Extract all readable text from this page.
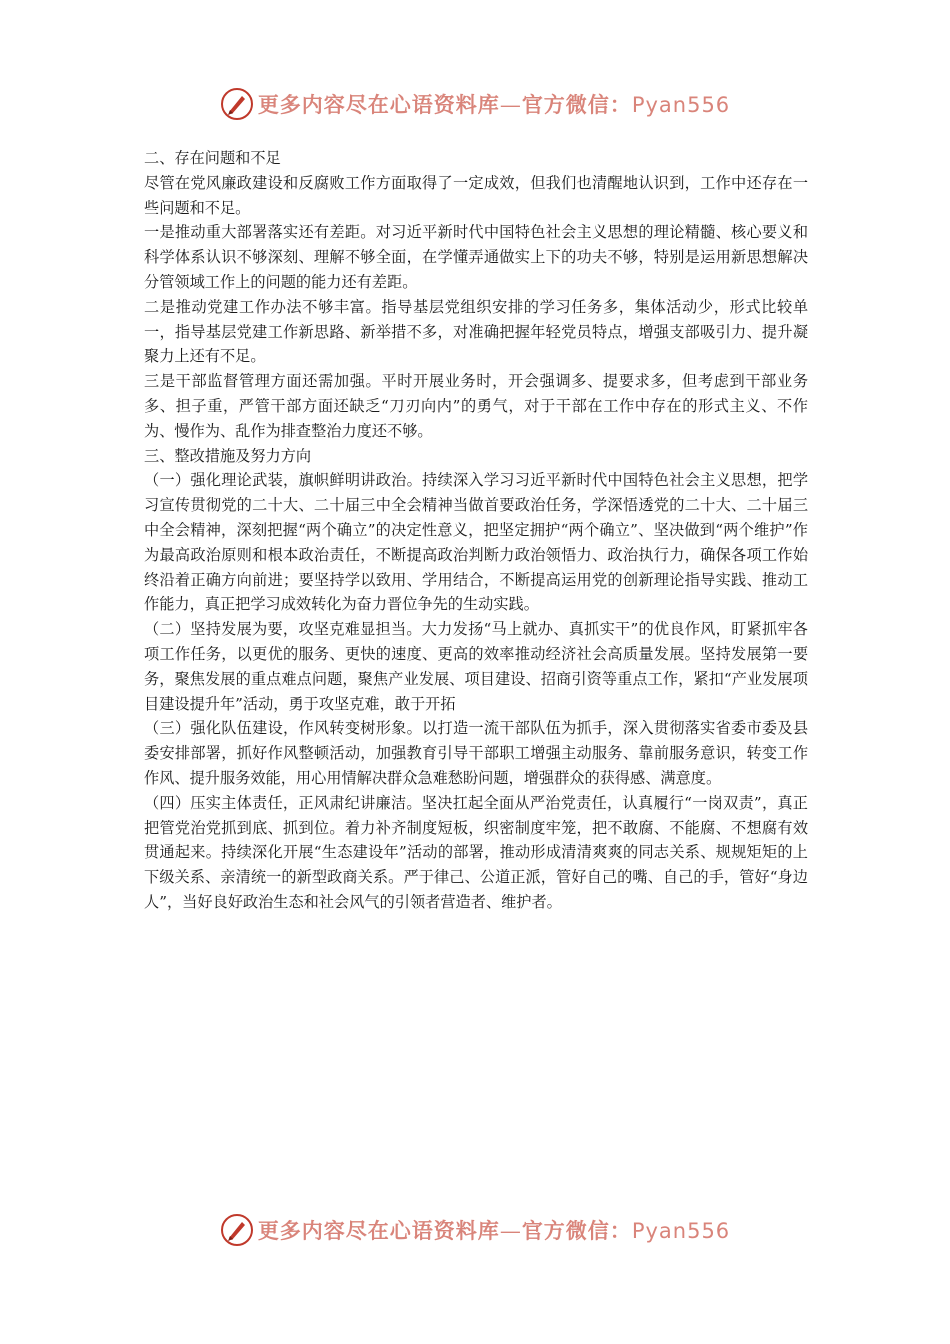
更多内容尽在心语资料库—官方微信：Pyan556

二、存在问题和不足

尽管在党风廉政建设和反腐败工作方面取得了一定成效，但我们也清醒地认识到，工作中还存在一些问题和不足。

一是推动重大部署落实还有差距。对习近平新时代中国特色社会主义思想的理论精髓、核心要义和科学体系认识不够深刻、理解不够全面，在学懂弄通做实上下的功夫不够，特别是运用新思想解决分管领域工作上的问题的能力还有差距。

二是推动党建工作办法不够丰富。指导基层党组织安排的学习任务多，集体活动少，形式比较单一，指导基层党建工作新思路、新举措不多，对准确把握年轻党员特点，增强支部吸引力、提升凝聚力上还有不足。

三是干部监督管理方面还需加强。平时开展业务时，开会强调多、提要求多，但考虑到干部业务多、担子重，严管干部方面还缺乏“刀刃向内”的勇气，对于干部在工作中存在的形式主义、不作为、慢作为、乱作为排查整治力度还不够。

三、整改措施及努力方向

（一）强化理论武装，旗帜鲜明讲政治。持续深入学习习近平新时代中国特色社会主义思想，把学习宣传贯彻党的二十大、二十届三中全会精神当做首要政治任务，学深悟透党的二十大、二十届三中全会精神，深刻把握“两个确立”的决定性意义，把坚定拥护“两个确立”、坚决做到“两个维护”作为最高政治原则和根本政治责任，不断提高政治判断力政治领悟力、政治执行力，确保各项工作始终沿着正确方向前进；要坚持学以致用、学用结合，不断提高运用党的创新理论指导实践、推动工作能力，真正把学习成效转化为奋力晋位争先的生动实践。

（二）坚持发展为要，攻坚克难显担当。大力发扬“马上就办、真抓实干”的优良作风，盯紧抓牢各项工作任务，以更优的服务、更快的速度、更高的效率推动经济社会高质量发展。坚持发展第一要务，聚焦发展的重点难点问题，聚焦产业发展、项目建设、招商引资等重点工作，紧扣“产业发展项目建设提升年”活动，勇于攻坚克难，敢于开拓

（三）强化队伍建设，作风转变树形象。以打造一流干部队伍为抓手，深入贯彻落实省委市委及县委安排部署，抓好作风整顿活动，加强教育引导干部职工增强主动服务、靠前服务意识，转变工作作风、提升服务效能，用心用情解决群众急难愁盼问题，增强群众的获得感、满意度。

（四）压实主体责任，正风肃纪讲廉洁。坚决扛起全面从严治党责任，认真履行“一岗双责”，真正把管党治党抓到底、抓到位。着力补齐制度短板，织密制度牢笼，把不敢腐、不能腐、不想腐有效贯通起来。持续深化开展“生态建设年”活动的部署，推动形成清清爽爽的同志关系、规规矩矩的上下级关系、亲清统一的新型政商关系。严于律己、公道正派，管好自己的嘴、自己的手，管好“身边人”，当好良好政治生态和社会风气的引领者营造者、维护者。

更多内容尽在心语资料库—官方微信：Pyan556
